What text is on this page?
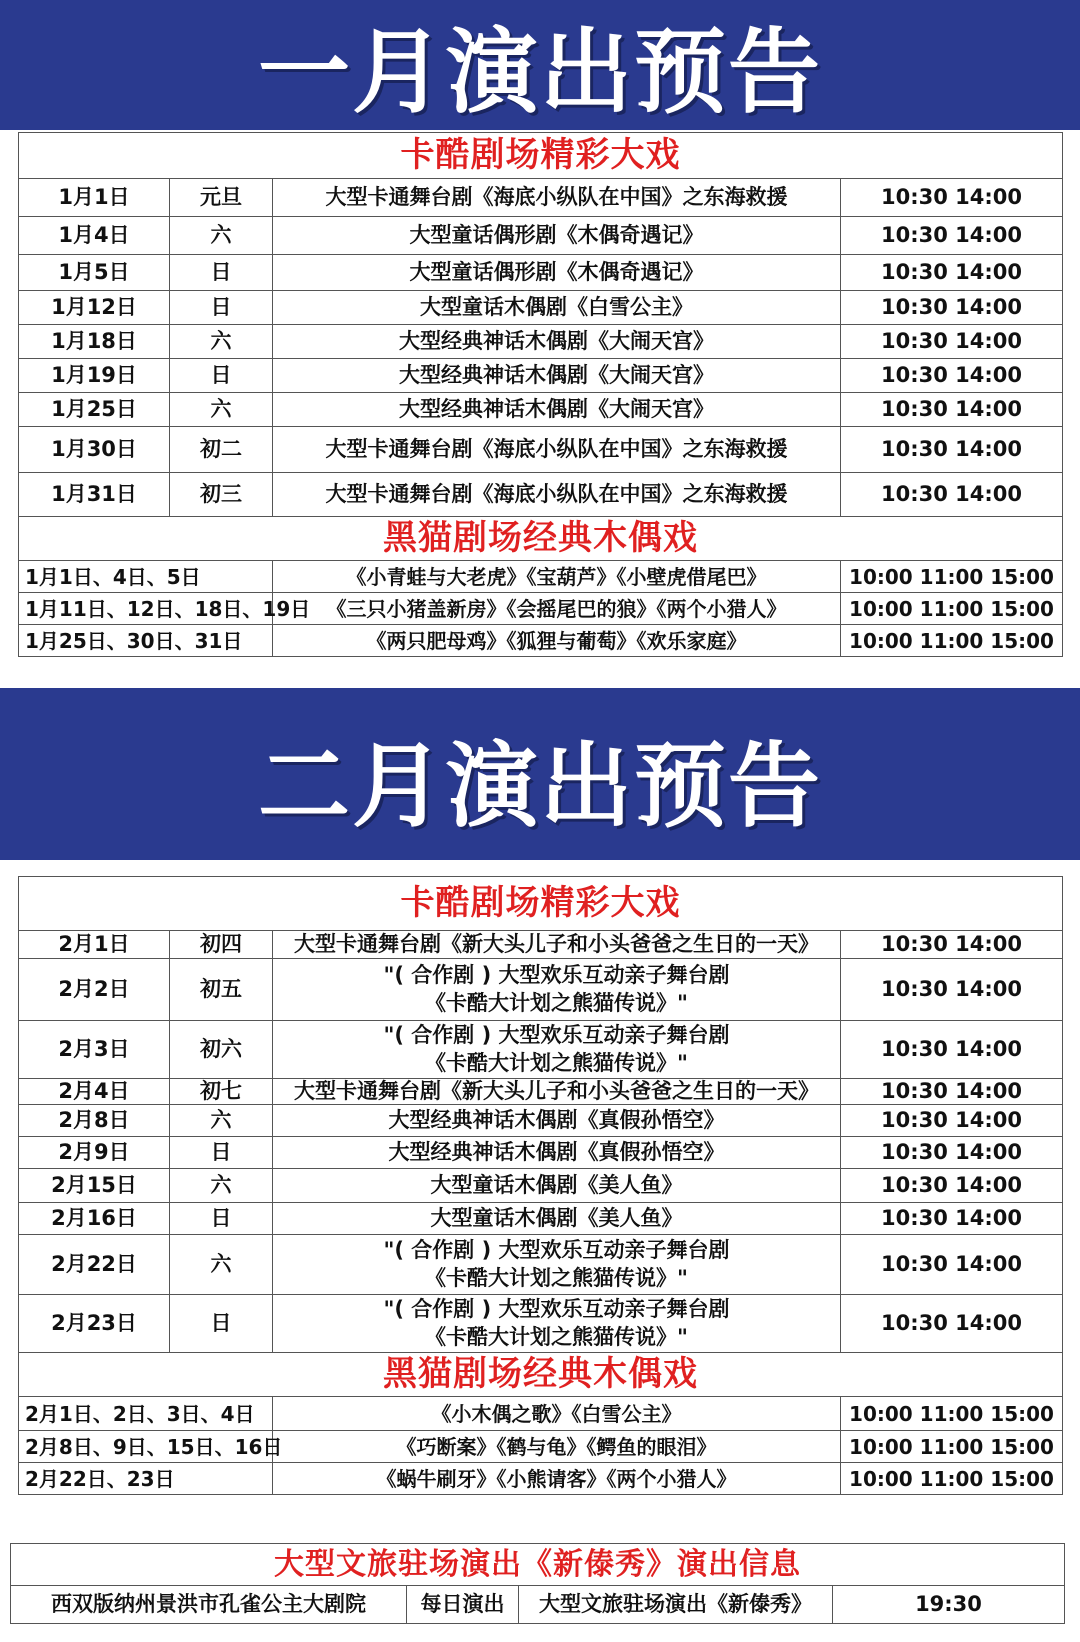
一月演出预告
卡酷剧场精彩大戏			
1月1日	元旦	大型卡通舞台剧《海底小纵队在中国》之东海救援	10:30 14:00
1月4日	六	大型童话偶形剧《木偶奇遇记》	10:30 14:00
1月5日	日	大型童话偶形剧《木偶奇遇记》	10:30 14:00
1月12日	日	大型童话木偶剧《白雪公主》	10:30 14:00
1月18日	六	大型经典神话木偶剧《大闹天宫》	10:30 14:00
1月19日	日	大型经典神话木偶剧《大闹天宫》	10:30 14:00
1月25日	六	大型经典神话木偶剧《大闹天宫》	10:30 14:00
1月30日	初二	大型卡通舞台剧《海底小纵队在中国》之东海救援	10:30 14:00
1月31日	初三	大型卡通舞台剧《海底小纵队在中国》之东海救援	10:30 14:00
黑猫剧场经典木偶戏			
1月1日、4日、5日		《小青蛙与大老虎》《宝葫芦》《小壁虎借尾巴》	10:00 11:00 15:00
1月11日、12日、18日、19日		《三只小猪盖新房》《会摇尾巴的狼》《两个小猎人》	10:00 11:00 15:00
1月25日、30日、31日		《两只肥母鸡》《狐狸与葡萄》《欢乐家庭》	10:00 11:00 15:00
二月演出预告
卡酷剧场精彩大戏			
2月1日	初四	大型卡通舞台剧《新大头儿子和小头爸爸之生日的一天》	10:30 14:00
2月2日	初五	"( 合作剧 ) 大型欢乐互动亲子舞台剧
《卡酷大计划之熊猫传说》"	10:30 14:00
2月3日	初六	"( 合作剧 ) 大型欢乐互动亲子舞台剧
《卡酷大计划之熊猫传说》"	10:30 14:00
2月4日	初七	大型卡通舞台剧《新大头儿子和小头爸爸之生日的一天》	10:30 14:00
2月8日	六	大型经典神话木偶剧《真假孙悟空》	10:30 14:00
2月9日	日	大型经典神话木偶剧《真假孙悟空》	10:30 14:00
2月15日	六	大型童话木偶剧《美人鱼》	10:30 14:00
2月16日	日	大型童话木偶剧《美人鱼》	10:30 14:00
2月22日	六	"( 合作剧 ) 大型欢乐互动亲子舞台剧
《卡酷大计划之熊猫传说》"	10:30 14:00
2月23日	日	"( 合作剧 ) 大型欢乐互动亲子舞台剧
《卡酷大计划之熊猫传说》"	10:30 14:00
黑猫剧场经典木偶戏			
2月1日、2日、3日、4日		《小木偶之歌》《白雪公主》	10:00 11:00 15:00
2月8日、9日、15日、16日		《巧断案》《鹤与龟》《鳄鱼的眼泪》	10:00 11:00 15:00
2月22日、23日		《蜗牛刷牙》《小熊请客》《两个小猎人》	10:00 11:00 15:00
大型文旅驻场演出《新傣秀》演出信息
西双版纳州景洪市孔雀公主大剧院	每日演出	大型文旅驻场演出《新傣秀》	19:30
